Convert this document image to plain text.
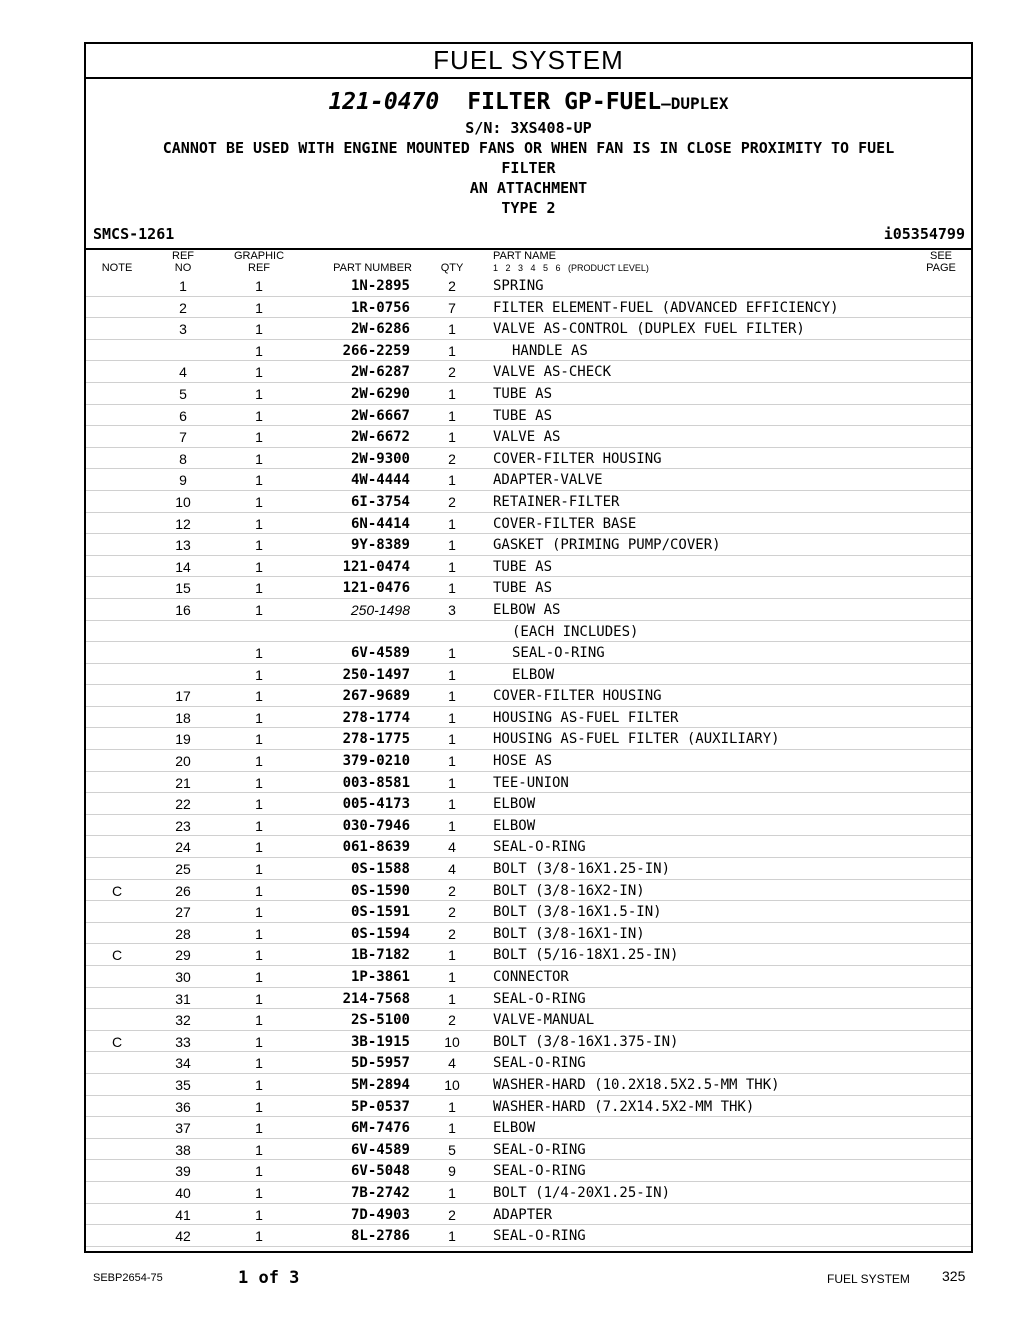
FUEL SYSTEM
121-0470 FILTER GP-FUEL—DUPLEX
S/N: 3XS408-UP
CANNOT BE USED WITH ENGINE MOUNTED FANS OR WHEN FAN IS IN CLOSE PROXIMITY TO FUEL
FILTER
AN ATTACHMENT
TYPE 2
SMCS-1261	i05354799
NOTE
REF
NO
GRAPHIC
REF	PART NUMBER	QTY
PART NAME
1   2   3   4   5   6   (PRODUCT LEVEL)
SEE
PAGE
1	1	1N-2895	2	SPRING
2	1	1R-0756	7	FILTER ELEMENT-FUEL (ADVANCED EFFICIENCY)
3	1	2W-6286	1	VALVE AS-CONTROL (DUPLEX FUEL FILTER)
1	266-2259	1	HANDLE AS
4	1	2W-6287	2	VALVE AS-CHECK
5	1	2W-6290	1	TUBE AS
6	1	2W-6667	1	TUBE AS
7	1	2W-6672	1	VALVE AS
8	1	2W-9300	2	COVER-FILTER HOUSING
9	1	4W-4444	1	ADAPTER-VALVE
10	1	6I-3754	2	RETAINER-FILTER
12	1	6N-4414	1	COVER-FILTER BASE
13	1	9Y-8389	1	GASKET (PRIMING PUMP/COVER)
14	1	121-0474	1	TUBE AS
15	1	121-0476	1	TUBE AS
16	1	250-1498	3	ELBOW AS
(EACH INCLUDES)
1	6V-4589	1	SEAL-O-RING
1	250-1497	1	ELBOW
17	1	267-9689	1	COVER-FILTER HOUSING
18	1	278-1774	1	HOUSING AS-FUEL FILTER
19	1	278-1775	1	HOUSING AS-FUEL FILTER (AUXILIARY)
20	1	379-0210	1	HOSE AS
21	1	003-8581	1	TEE-UNION
22	1	005-4173	1	ELBOW
23	1	030-7946	1	ELBOW
24	1	061-8639	4	SEAL-O-RING
25	1	0S-1588	4	BOLT (3/8-16X1.25-IN)
C	26	1	0S-1590	2	BOLT (3/8-16X2-IN)
27	1	0S-1591	2	BOLT (3/8-16X1.5-IN)
28	1	0S-1594	2	BOLT (3/8-16X1-IN)
C	29	1	1B-7182	1	BOLT (5/16-18X1.25-IN)
30	1	1P-3861	1	CONNECTOR
31	1	214-7568	1	SEAL-O-RING
32	1	2S-5100	2	VALVE-MANUAL
C	33	1	3B-1915	10	BOLT (3/8-16X1.375-IN)
34	1	5D-5957	4	SEAL-O-RING
35	1	5M-2894	10	WASHER-HARD (10.2X18.5X2.5-MM THK)
36	1	5P-0537	1	WASHER-HARD (7.2X14.5X2-MM THK)
37	1	6M-7476	1	ELBOW
38	1	6V-4589	5	SEAL-O-RING
39	1	6V-5048	9	SEAL-O-RING
40	1	7B-2742	1	BOLT (1/4-20X1.25-IN)
41	1	7D-4903	2	ADAPTER
42	1	8L-2786	1	SEAL-O-RING
SEBP2654-75	1 of 3	FUEL SYSTEM 325
